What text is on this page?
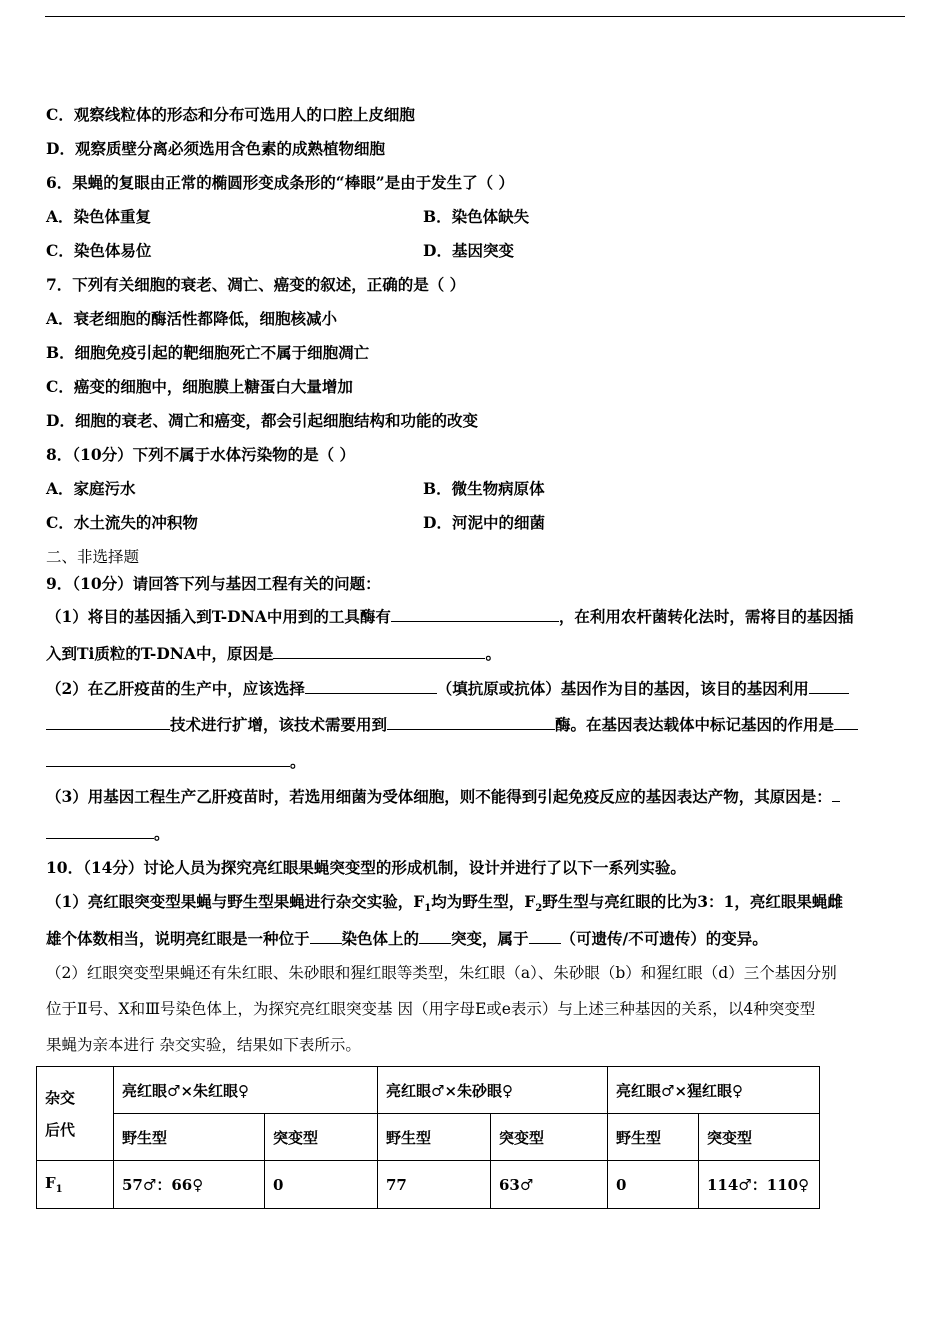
C．观察线粒体的形态和分布可选用人的口腔上皮细胞
D．观察质壁分离必须选用含色素的成熟植物细胞
6．果蝇的复眼由正常的椭圆形变成条形的“棒眼”是由于发生了（ ）
A．染色体重复	B．染色体缺失
C．染色体易位	D．基因突变
7．下列有关细胞的衰老、凋亡、癌变的叙述，正确的是（ ）
A．衰老细胞的酶活性都降低，细胞核减小
B．细胞免疫引起的靶细胞死亡不属于细胞凋亡
C．癌变的细胞中，细胞膜上糖蛋白大量增加
D．细胞的衰老、凋亡和癌变，都会引起细胞结构和功能的改变
8．（10分）下列不属于水体污染物的是（ ）
A．家庭污水	B．微生物病原体
C．水土流失的冲积物	D．河泥中的细菌
二、非选择题
9．（10分）请回答下列与基因工程有关的问题：
（1）将目的基因插入到T-DNA中用到的工具酶有	，在利用农杆菌转化法时，需将目的基因插
入到Ti质粒的T-DNA中，原因是	。
（2）在乙肝疫苗的生产中，应该选择	（填抗原或抗体）基因作为目的基因，该目的基因利用
技术进行扩增，该技术需要用到	酶。在基因表达载体中标记基因的作用是
。
（3）用基因工程生产乙肝疫苗时，若选用细菌为受体细胞，则不能得到引起免疫反应的基因表达产物，其原因是：
。
10．（14分）讨论人员为探究亮红眼果蝇突变型的形成机制，设计并进行了以下一系列实验。
（1）亮红眼突变型果蝇与野生型果蝇进行杂交实验，$F_1$均为野生型，$F_2$野生型与亮红眼的比为3：1，亮红眼果蝇雌
雄个体数相当，说明亮红眼是一种位于 染色体上的 突变，属于 （可遗传/不可遗传）的变异。
（2）红眼突变型果蝇还有朱红眼、朱砂眼和猩红眼等类型，朱红眼（a）、朱砂眼（b）和猩红眼（d）三个基因分别
位于Ⅱ号、X和Ⅲ号染色体上，为探究亮红眼突变基 因（用字母E或e表示）与上述三种基因的关系，以4种突变型
果蝇为亲本进行 杂交实验，结果如下表所示。
杂交
后代	亮红眼♂×朱红眼♀		亮红眼♂×朱砂眼♀		亮红眼♂×猩红眼♀	
	野生型	突变型	野生型	突变型	野生型	突变型
$F_1$	57♂：66♀	0	77	63♂	0	114♂：110♀
